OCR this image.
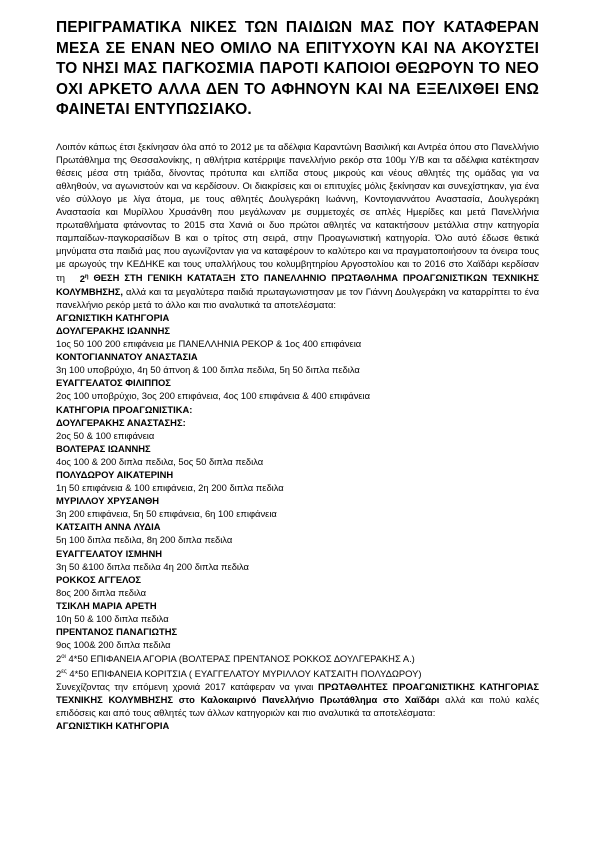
ΠΕΡΙΓΡΑΜΑΤΙΚΑ ΝΙΚΕΣ ΤΩΝ ΠΑΙΔΙΩΝ ΜΑΣ ΠΟΥ ΚΑΤΑΦΕΡΑΝ ΜΕΣΑ ΣΕ ΕΝΑΝ ΝΕΟ ΟΜΙΛΟ ΝΑ ΕΠΙΤΥΧΟΥΝ ΚΑΙ ΝΑ ΑΚΟΥΣΤΕΙ ΤΟ ΝΗΣΙ ΜΑΣ ΠΑΓΚΟΣΜΙΑ ΠΑΡΟΤΙ ΚΑΠΟΙΟΙ ΘΕΩΡΟΥΝ ΤΟ ΝΕΟ ΟΧΙ ΑΡΚΕΤΟ ΑΛΛΑ ΔΕΝ ΤΟ ΑΦΗΝΟΥΝ ΚΑΙ ΝΑ ΕΞΕΛΙΧΘΕΙ ΕΝΩ ΦΑΙΝΕΤΑΙ ΕΝΤΥΠΩΣΙΑΚΟ.

Λοιπόν κάπως έτσι ξεκίνησαν όλα από το 2012 με τα αδέλφια Καραντώνη Βασιλική και Αντρέα όπου στο Πανελλήνιο Πρωτάθλημα της Θεσσαλονίκης, η αθλήτρια κατέρριψε πανελλήνιο ρεκόρ στα 100μ Υ/Β και τα αδέλφια κατέκτησαν θέσεις μέσα στη τριάδα, δίνοντας πρότυπα και ελπίδα στους μικρούς και νέους αθλητές της ομάδας για να αθληθούν, να αγωνιστούν και να κερδίσουν. Οι διακρίσεις και οι επιτυχίες μόλις ξεκίνησαν και συνεχίστηκαν, για ένα νέο σύλλογο με λίγα άτομα, με τους αθλητές Δουλγεράκη Ιωάννη, Κοντογιαννάτου Αναστασία, Δουλγεράκη Αναστασία και Μυρίλλου Χρυσάνθη που μεγάλωναν με συμμετοχές σε απλές Ημερίδες και μετά Πανελλήνια πρωταθλήματα φτάνοντας το 2015 στα Χανιά οι δυο πρώτοι αθλητές να κατακτήσουν μετάλλια στην κατηγορία παμπαίδων-παγκορασίδων Β και ο τρίτος στη σειρά, στην Προαγωνιστική κατηγορία. Όλο αυτό έδωσε θετικά μηνύματα στα παιδιά μας που αγωνίζονταν για να καταφέρουν το καλύτερο και να πραγματοποιήσουν τα όνειρα τους με αρωγούς την ΚΕΔΗΚΕ και τους υπαλλήλους του κολυμβητηρίου Αργοστολίου και το 2016 στο Χαϊδάρι κερδίσαν τη $2^\eta$ ΘΕΣΗ ΣΤΗ ΓΕΝΙΚΗ ΚΑΤΑΤΑΞΗ ΣΤΟ ΠΑΝΕΛΛΗΝΙΟ ΠΡΩΤΑΘΛΗΜΑ ΠΡΟΑΓΩΝΙΣΤΙΚΩΝ ΤΕΧΝΙΚΗΣ ΚΟΛΥΜΒΗΣΗΣ, αλλά και τα μεγαλύτερα παιδιά πρωταγωνιστησαν με τον Γιάννη Δουλγεράκη να καταρρίπτει το ένα πανελλήνιο ρεκόρ μετά το άλλο και πιο αναλυτικά τα αποτελέσματα:

ΑΓΩΝΙΣΤΙΚΗ ΚΑΤΗΓΟΡΙΑ
ΔΟΥΛΓΕΡΑΚΗΣ ΙΩΑΝΝΗΣ
1ος 50 100 200 επιφάνεια με ΠΑΝΕΛΛΗΝΙΑ ΡΕΚΟΡ & 1ος 400 επιφάνεια
ΚΟΝΤΟΓΙΑΝΝΑΤΟΥ ΑΝΑΣΤΑΣΙΑ
3η 100 υποβρύχιο, 4η 50 άπνοη & 100 διπλα πεδιλα, 5η 50 διπλα πεδιλα
ΕΥΑΓΓΕΛΑΤΟΣ ΦΙΛΙΠΠΟΣ
2ος 100 υποβρύχιο, 3ος 200 επιφάνεια, 4ος 100 επιφάνεια & 400 επιφάνεια
ΚΑΤΗΓΟΡΙΑ ΠΡΟΑΓΩΝΙΣΤΙΚΑ:
ΔΟΥΛΓΕΡΑΚΗΣ ΑΝΑΣΤΑΣΗΣ:
2ος 50 & 100 επιφάνεια
ΒΟΛΤΕΡΑΣ ΙΩΑΝΝΗΣ
4ος 100 & 200 διπλα πεδιλα, 5ος 50 διπλα πεδιλα
ΠΟΛΥΔΩΡΟΥ ΑΙΚΑΤΕΡΙΝΗ
1η 50 επιφάνεια & 100 επιφάνεια, 2η 200 διπλα πεδιλα
ΜΥΡΙΛΛΟΥ ΧΡΥΣΑΝΘΗ
3η 200 επιφάνεια, 5η 50 επιφάνεια, 6η 100 επιφάνεια
ΚΑΤΣΑΙΤΗ ΑΝΝΑ ΛΥΔΙΑ
5η 100 διπλα πεδιλα, 8η 200 διπλα πεδιλα
ΕΥΑΓΓΕΛΑΤΟΥ ΙΣΜΗΝΗ
3η 50 &100 διπλα πεδιλα 4η 200 διπλα πεδιλα
ΡΟΚΚΟΣ ΑΓΓΕΛΟΣ
8ος 200 διπλα πεδιλα
ΤΣΙΚΛΗ ΜΑΡΙΑ ΑΡΕΤΗ
10η 50 & 100 διπλα πεδιλα
ΠΡΕΝΤΑΝΟΣ ΠΑΝΑΓΙΩΤΗΣ
9ος 100& 200 διπλα πεδιλα
$2^{o\iota}$ 4*50 ΕΠΙΦΑΝΕΙΑ ΑΓΟΡΙΑ (ΒΟΛΤΕΡΑΣ ΠΡΕΝΤΑΝΟΣ ΡΟΚΚΟΣ ΔΟΥΛΓΕΡΑΚΗΣ Α.)
$2^{\varepsilon\varsigma}$ 4*50 ΕΠΙΦΑΝΕΙΑ ΚΟΡΙΤΣΙΑ ( ΕΥΑΓΓΕΛΑΤΟΥ ΜΥΡΙΛΛΟΥ ΚΑΤΣΑΙΤΗ ΠΟΛΥΔΩΡΟΥ)

Συνεχίζοντας την επόμενη χρονιά 2017 κατάφεραν να γιναι ΠΡΩΤΑΘΛΗΤΕΣ ΠΡΟΑΓΩΝΙΣΤΙΚΗΣ ΚΑΤΗΓΟΡΙΑΣ ΤΕΧΝΙΚΗΣ ΚΟΛΥΜΒΗΣΗΣ στο Καλοκαιρινό Πανελλήνιο Πρωτάθλημα στο Χαϊδάρι αλλά και πολύ καλές επιδόσεις και από τους αθλητές των άλλων κατηγοριών και πιο αναλυτικά τα αποτελέσματα:

ΑΓΩΝΙΣΤΙΚΗ ΚΑΤΗΓΟΡΙΑ
